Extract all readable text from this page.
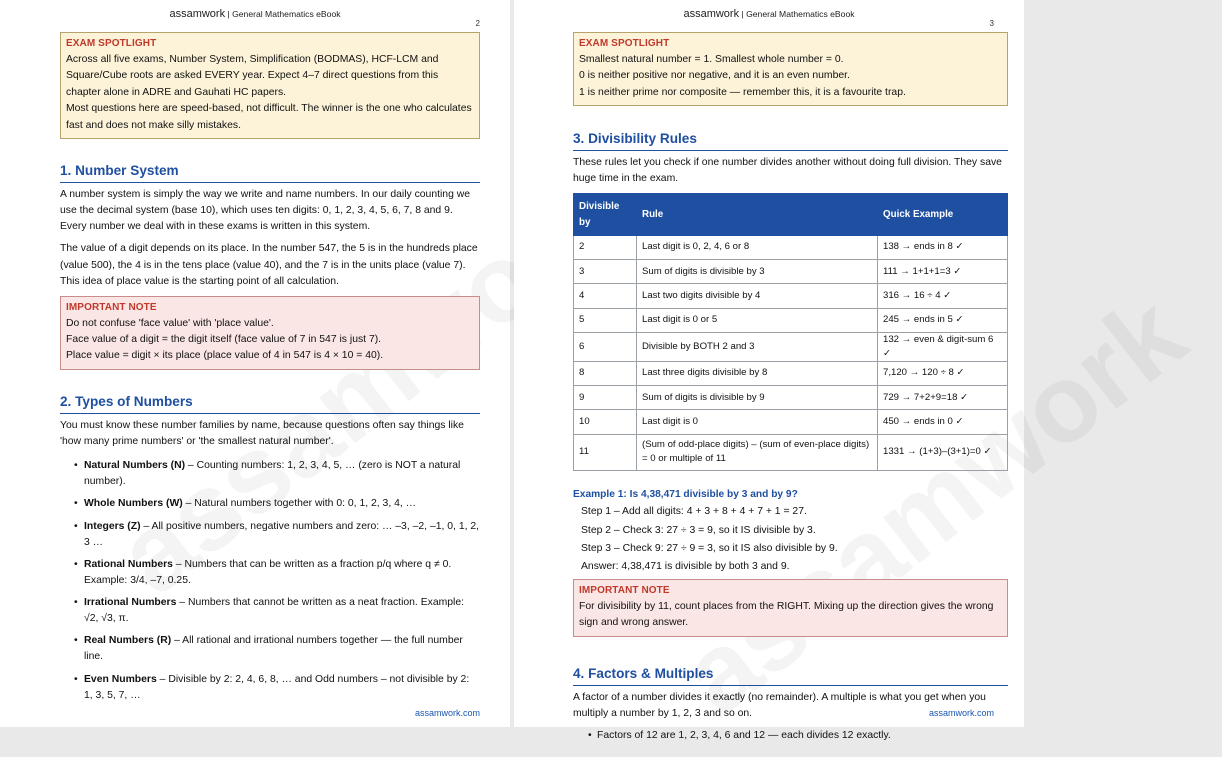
assamwork | General Mathematics eBook
2
EXAM SPOTLIGHT

Across all five exams, Number System, Simplification (BODMAS), HCF-LCM and Square/Cube roots are asked EVERY year. Expect 4–7 direct questions from this chapter alone in ADRE and Gauhati HC papers.

Most questions here are speed-based, not difficult. The winner is the one who calculates fast and does not make silly mistakes.

1. Number System

A number system is simply the way we write and name numbers. In our daily counting we use the decimal system (base 10), which uses ten digits: 0, 1, 2, 3, 4, 5, 6, 7, 8 and 9. Every number we deal with in these exams is written in this system.

The value of a digit depends on its place. In the number 547, the 5 is in the hundreds place (value 500), the 4 is in the tens place (value 40), and the 7 is in the units place (value 7). This idea of place value is the starting point of all calculation.

IMPORTANT NOTE

Do not confuse 'face value' with 'place value'.

Face value of a digit = the digit itself (face value of 7 in 547 is just 7).

Place value = digit × its place (place value of 4 in 547 is 4 × 10 = 40).

2. Types of Numbers

You must know these number families by name, because questions often say things like 'how many prime numbers' or 'the smallest natural number'.

• Natural Numbers (N) – Counting numbers: 1, 2, 3, 4, 5, … (zero is NOT a natural number).
• Whole Numbers (W) – Natural numbers together with 0: 0, 1, 2, 3, 4, …
• Integers (Z) – All positive numbers, negative numbers and zero: … –3, –2, –1, 0, 1, 2, 3 …
• Rational Numbers – Numbers that can be written as a fraction p/q where q ≠ 0. Example: 3/4, –7, 0.25.
• Irrational Numbers – Numbers that cannot be written as a neat fraction. Example: √2, √3, π.
• Real Numbers (R) – All rational and irrational numbers together — the full number line.
• Even Numbers – Divisible by 2: 2, 4, 6, 8, … and Odd numbers – not divisible by 2: 1, 3, 5, 7, …
assamwork.com
assamwork | General Mathematics eBook
3
EXAM SPOTLIGHT

Smallest natural number = 1. Smallest whole number = 0.

0 is neither positive nor negative, and it is an even number.

1 is neither prime nor composite — remember this, it is a favourite trap.

3. Divisibility Rules

These rules let you check if one number divides another without doing full division. They save huge time in the exam.

Divisible by	Rule	Quick Example
2	Last digit is 0, 2, 4, 6 or 8	138 → ends in 8 ✓
3	Sum of digits is divisible by 3	111 → 1+1+1=3 ✓
4	Last two digits divisible by 4	316 → 16 ÷ 4 ✓
5	Last digit is 0 or 5	245 → ends in 5 ✓
6	Divisible by BOTH 2 and 3	132 → even & digit-sum 6 ✓
8	Last three digits divisible by 8	7,120 → 120 ÷ 8 ✓
9	Sum of digits is divisible by 9	729 → 7+2+9=18 ✓
10	Last digit is 0	450 → ends in 0 ✓
11	(Sum of odd-place digits) – (sum of even-place digits) = 0 or multiple of 11	1331 → (1+3)–(3+1)=0 ✓
Example 1: Is 4,38,471 divisible by 3 and by 9?
Step 1 – Add all digits: 4 + 3 + 8 + 4 + 7 + 1 = 27.
Step 2 – Check 3: 27 ÷ 3 = 9, so it IS divisible by 3.
Step 3 – Check 9: 27 ÷ 9 = 3, so it IS also divisible by 9.
Answer: 4,38,471 is divisible by both 3 and 9.
IMPORTANT NOTE

For divisibility by 11, count places from the RIGHT. Mixing up the direction gives the wrong sign and wrong answer.

4. Factors & Multiples

A factor of a number divides it exactly (no remainder). A multiple is what you get when you multiply a number by 1, 2, 3 and so on.

• Factors of 12 are 1, 2, 3, 4, 6 and 12 — each divides 12 exactly.
assamwork.com
